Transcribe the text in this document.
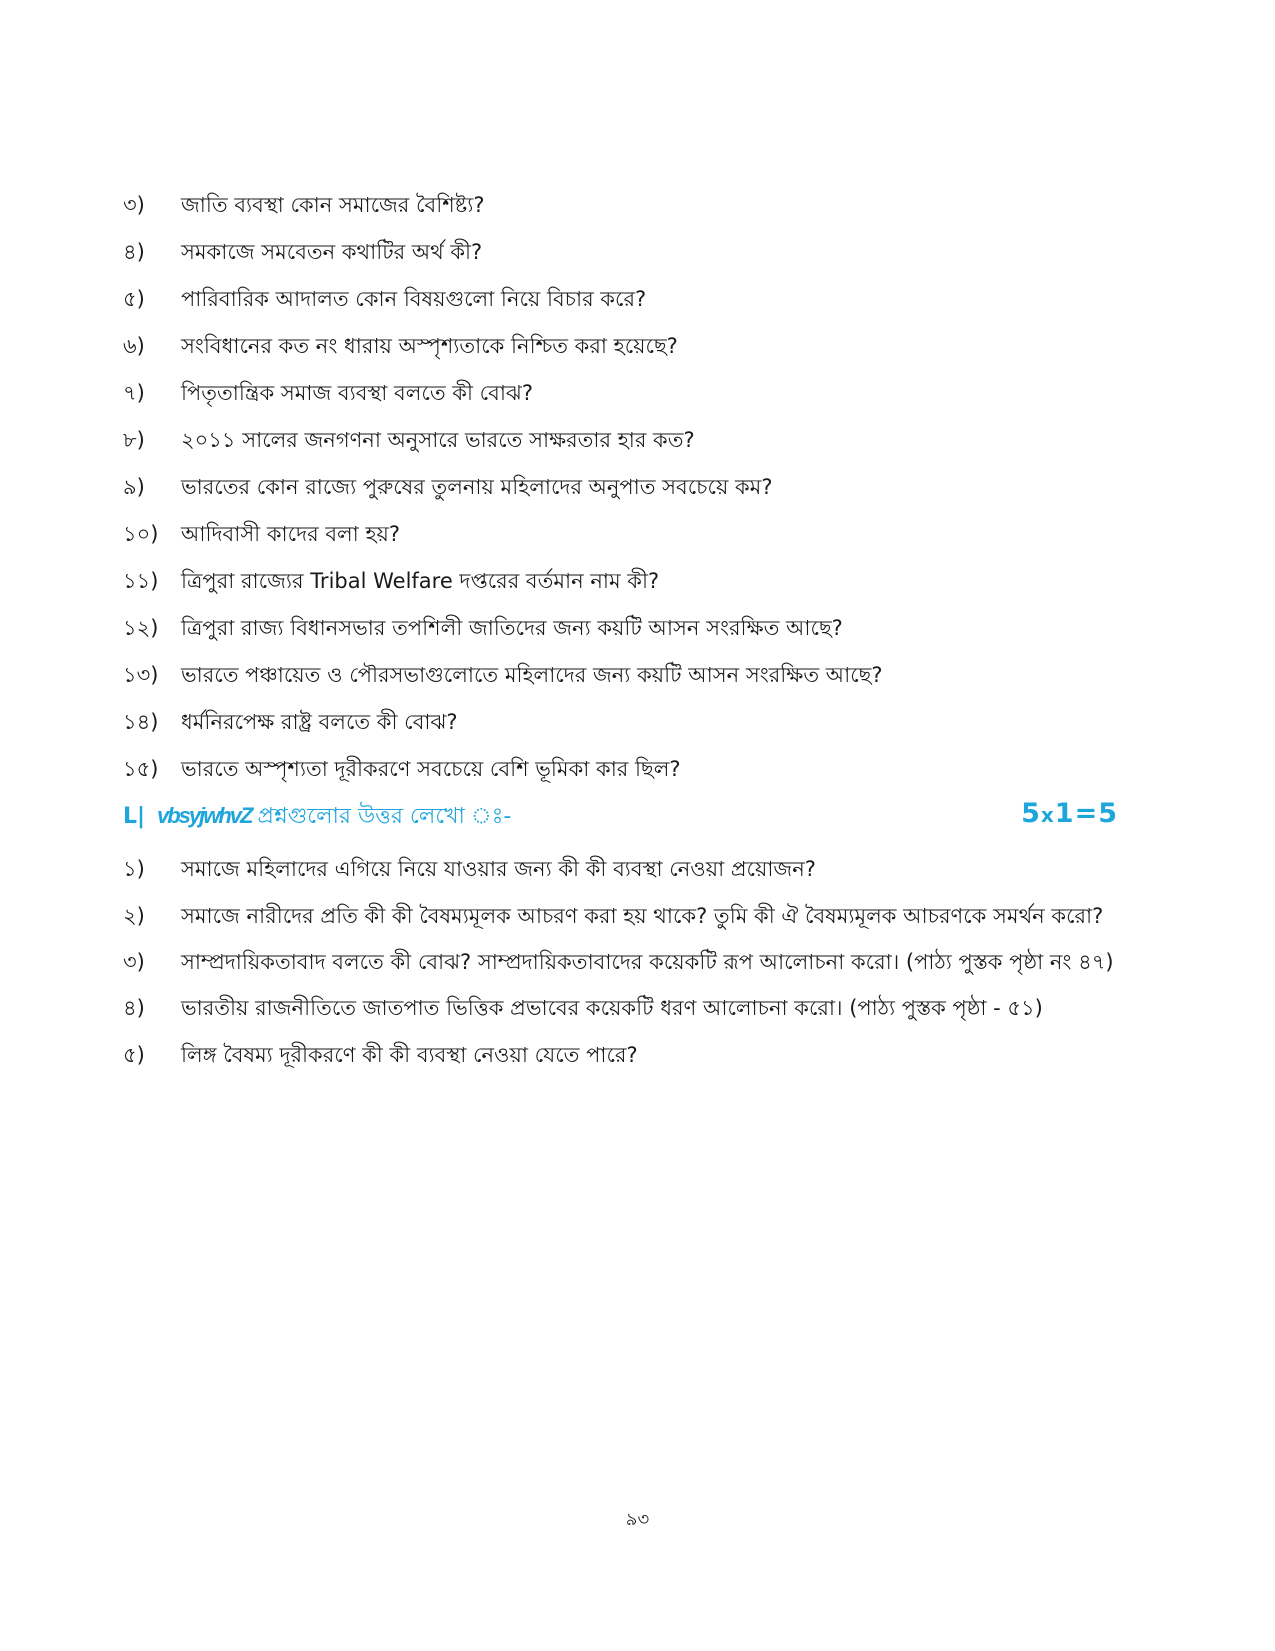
৩)	জাতি ব্যবস্থা কোন সমাজের বৈশিষ্ট্য?
৪)	সমকাজে সমবেতন কথাটির অর্থ কী?
৫)	পারিবারিক আদালত কোন বিষয়গুলো নিয়ে বিচার করে?
৬)	সংবিধানের কত নং ধারায় অস্পৃশ্যতাকে নিশ্চিত করা হয়েছে?
৭)	পিতৃতান্ত্রিক সমাজ ব্যবস্থা বলতে কী বোঝ?
৮)	২০১১ সালের জনগণনা অনুসারে ভারতে সাক্ষরতার হার কত?
৯)	ভারতের কোন রাজ্যে পুরুষের তুলনায় মহিলাদের অনুপাত সবচেয়ে কম?
১০)	আদিবাসী কাদের বলা হয়?
১১)	ত্রিপুরা রাজ্যের Tribal Welfare দপ্তরের বর্তমান নাম কী?
১২)	ত্রিপুরা রাজ্য বিধানসভার তপশিলী জাতিদের জন্য কয়টি আসন সংরক্ষিত আছে?
১৩)	ভারতে পঞ্চায়েত ও পৌরসভাগুলোতে মহিলাদের জন্য কয়টি আসন সংরক্ষিত আছে?
১৪)	ধর্মনিরপেক্ষ রাষ্ট্র বলতে কী বোঝ?
১৫)	ভারতে অস্পৃশ্যতা দূরীকরণে সবচেয়ে বেশি ভূমিকা কার ছিল?
L| vbsyjwhvZ প্রশ্নগুলোর উত্তর লেখো ঃ-	5x1=5
১)	সমাজে মহিলাদের এগিয়ে নিয়ে যাওয়ার জন্য কী কী ব্যবস্থা নেওয়া প্রয়োজন?
২)	সমাজে নারীদের প্রতি কী কী বৈষম্যমূলক আচরণ করা হয় থাকে? তুমি কী ঐ বৈষম্যমূলক আচরণকে সমর্থন করো?
৩)	সাম্প্রদায়িকতাবাদ বলতে কী বোঝ? সাম্প্রদায়িকতাবাদের কয়েকটি রূপ আলোচনা করো। (পাঠ্য পুস্তক পৃষ্ঠা নং ৪৭)
৪)	ভারতীয় রাজনীতিতে জাতপাত ভিত্তিক প্রভাবের কয়েকটি ধরণ আলোচনা করো। (পাঠ্য পুস্তক পৃষ্ঠা - ৫১)
৫)	লিঙ্গ বৈষম্য দূরীকরণে কী কী ব্যবস্থা নেওয়া যেতে পারে?
৯৩
